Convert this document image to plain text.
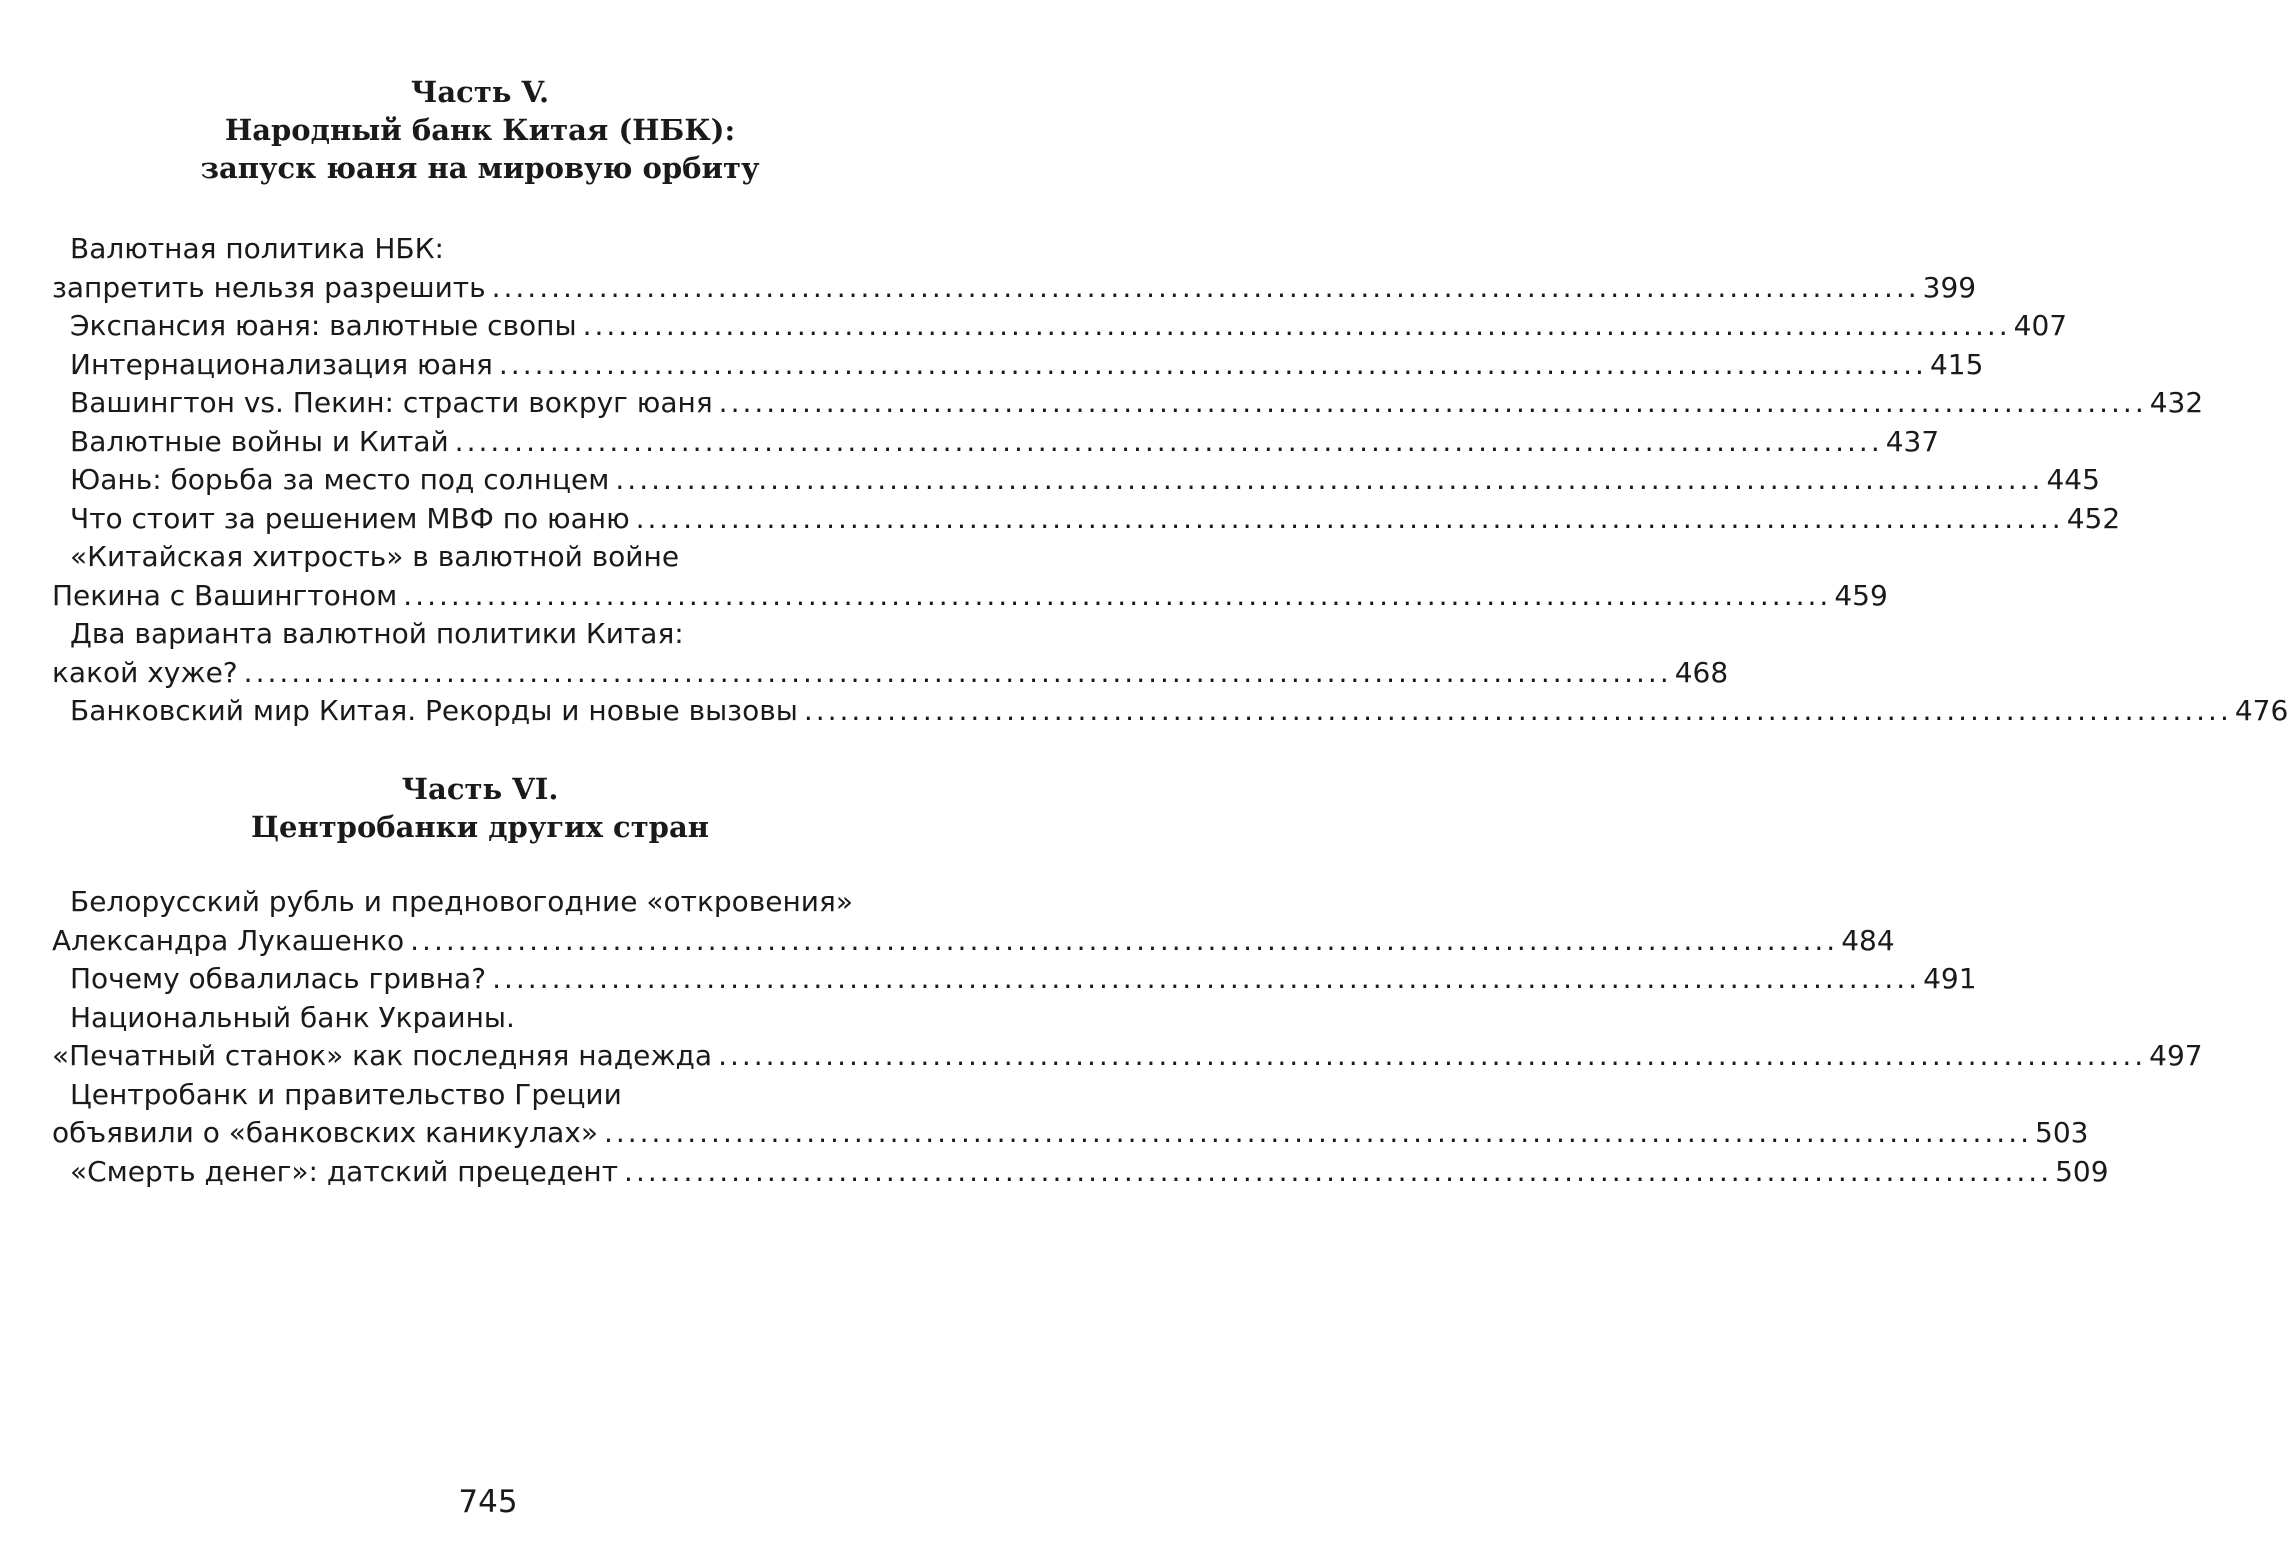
Часть V.
Народный банк Китая (НБК):
запуск юаня на мировую орбиту
Валютная политика НБК:
запретить нельзя разрешить ........................................................................................................................ 399
Экспансия юаня: валютные свопы ........................................................................................................................ 407
Интернационализация юаня ........................................................................................................................ 415
Вашингтон vs. Пекин: страсти вокруг юаня ........................................................................................................................ 432
Валютные войны и Китай ........................................................................................................................ 437
Юань: борьба за место под солнцем ........................................................................................................................ 445
Что стоит за решением МВФ по юаню ........................................................................................................................ 452
«Китайская хитрость» в валютной войне
Пекина с Вашингтоном ........................................................................................................................ 459
Два варианта валютной политики Китая:
какой хуже? ........................................................................................................................ 468
Банковский мир Китая. Рекорды и новые вызовы ........................................................................................................................ 476
Часть VI.
Центробанки других стран
Белорусский рубль и предновогодние «откровения»
Александра Лукашенко ........................................................................................................................ 484
Почему обвалилась гривна? ........................................................................................................................ 491
Национальный банк Украины.
«Печатный станок» как последняя надежда ........................................................................................................................ 497
Центробанк и правительство Греции
объявили о «банковских каникулах» ........................................................................................................................ 503
«Смерть денег»: датский прецедент ........................................................................................................................ 509
745
